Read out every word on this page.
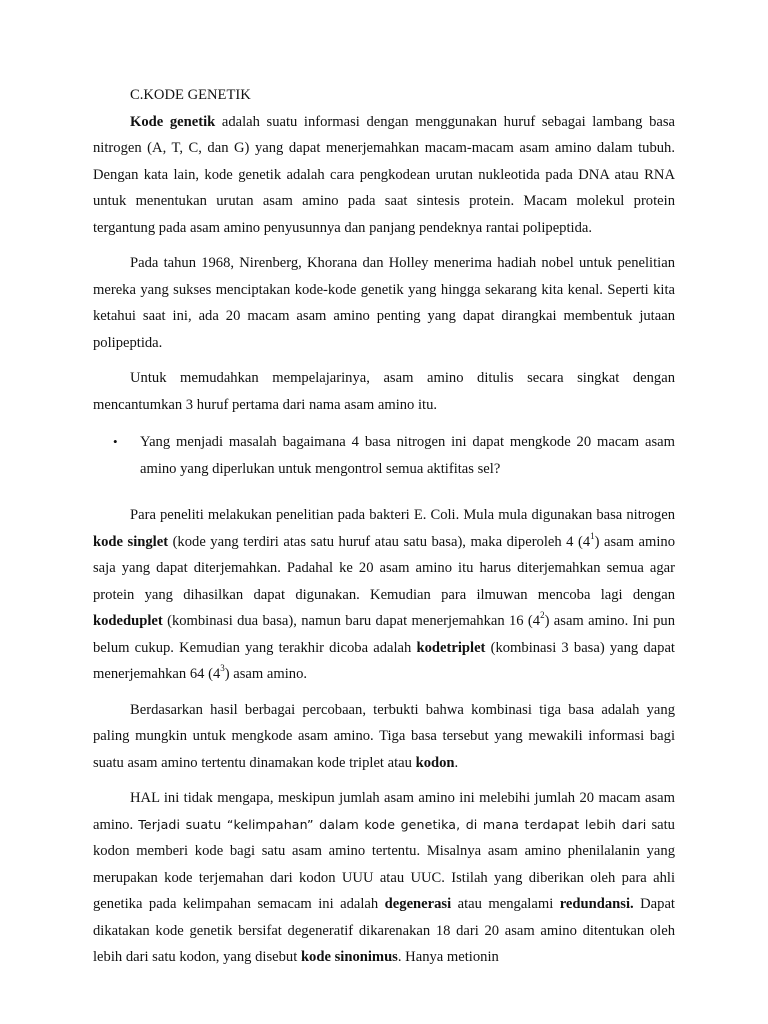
C.KODE GENETIK

Kode genetik adalah suatu informasi dengan menggunakan huruf sebagai lambang basa nitrogen (A, T, C, dan G) yang dapat menerjemahkan macam-macam asam amino dalam tubuh. Dengan kata lain, kode genetik adalah cara pengkodean urutan nukleotida pada DNA atau RNA untuk menentukan urutan asam amino pada saat sintesis protein. Macam molekul protein tergantung pada asam amino penyusunnya dan panjang pendeknya rantai polipeptida.

Pada tahun 1968, Nirenberg, Khorana dan Holley menerima hadiah nobel untuk penelitian mereka yang sukses menciptakan kode-kode genetik yang hingga sekarang kita kenal. Seperti kita ketahui saat ini, ada 20 macam asam amino penting yang dapat dirangkai membentuk jutaan polipeptida.

Untuk memudahkan mempelajarinya, asam amino ditulis secara singkat dengan mencantumkan 3 huruf pertama dari nama asam amino itu.

• Yang menjadi masalah bagaimana 4 basa nitrogen ini dapat mengkode 20 macam asam amino yang diperlukan untuk mengontrol semua aktifitas sel?

Para peneliti melakukan penelitian pada bakteri E. Coli. Mula mula digunakan basa nitrogen kode singlet (kode yang terdiri atas satu huruf atau satu basa), maka diperoleh 4 $(4^1)$ asam amino saja yang dapat diterjemahkan. Padahal ke 20 asam amino itu harus diterjemahkan semua agar protein yang dihasilkan dapat digunakan. Kemudian para ilmuwan mencoba lagi dengan kodeduplet (kombinasi dua basa), namun baru dapat menerjemahkan 16 $(4^2)$ asam amino. Ini pun belum cukup. Kemudian yang terakhir dicoba adalah kodetriplet (kombinasi 3 basa) yang dapat menerjemahkan 64 $(4^3)$ asam amino.

Berdasarkan hasil berbagai percobaan, terbukti bahwa kombinasi tiga basa adalah yang paling mungkin untuk mengkode asam amino. Tiga basa tersebut yang mewakili informasi bagi suatu asam amino tertentu dinamakan kode triplet atau kodon.

HAL ini tidak mengapa, meskipun jumlah asam amino ini melebihi jumlah 20 macam asam amino. Terjadi suatu “kelimpahan” dalam kode genetika, di mana terdapat lebih dari satu kodon memberi kode bagi satu asam amino tertentu. Misalnya asam amino phenilalanin yang merupakan kode terjemahan dari kodon UUU atau UUC. Istilah yang diberikan oleh para ahli genetika pada kelimpahan semacam ini adalah degenerasi atau mengalami redundansi. Dapat dikatakan kode genetik bersifat degeneratif dikarenakan 18 dari 20 asam amino ditentukan oleh lebih dari satu kodon, yang disebut kode sinonimus. Hanya metionin
